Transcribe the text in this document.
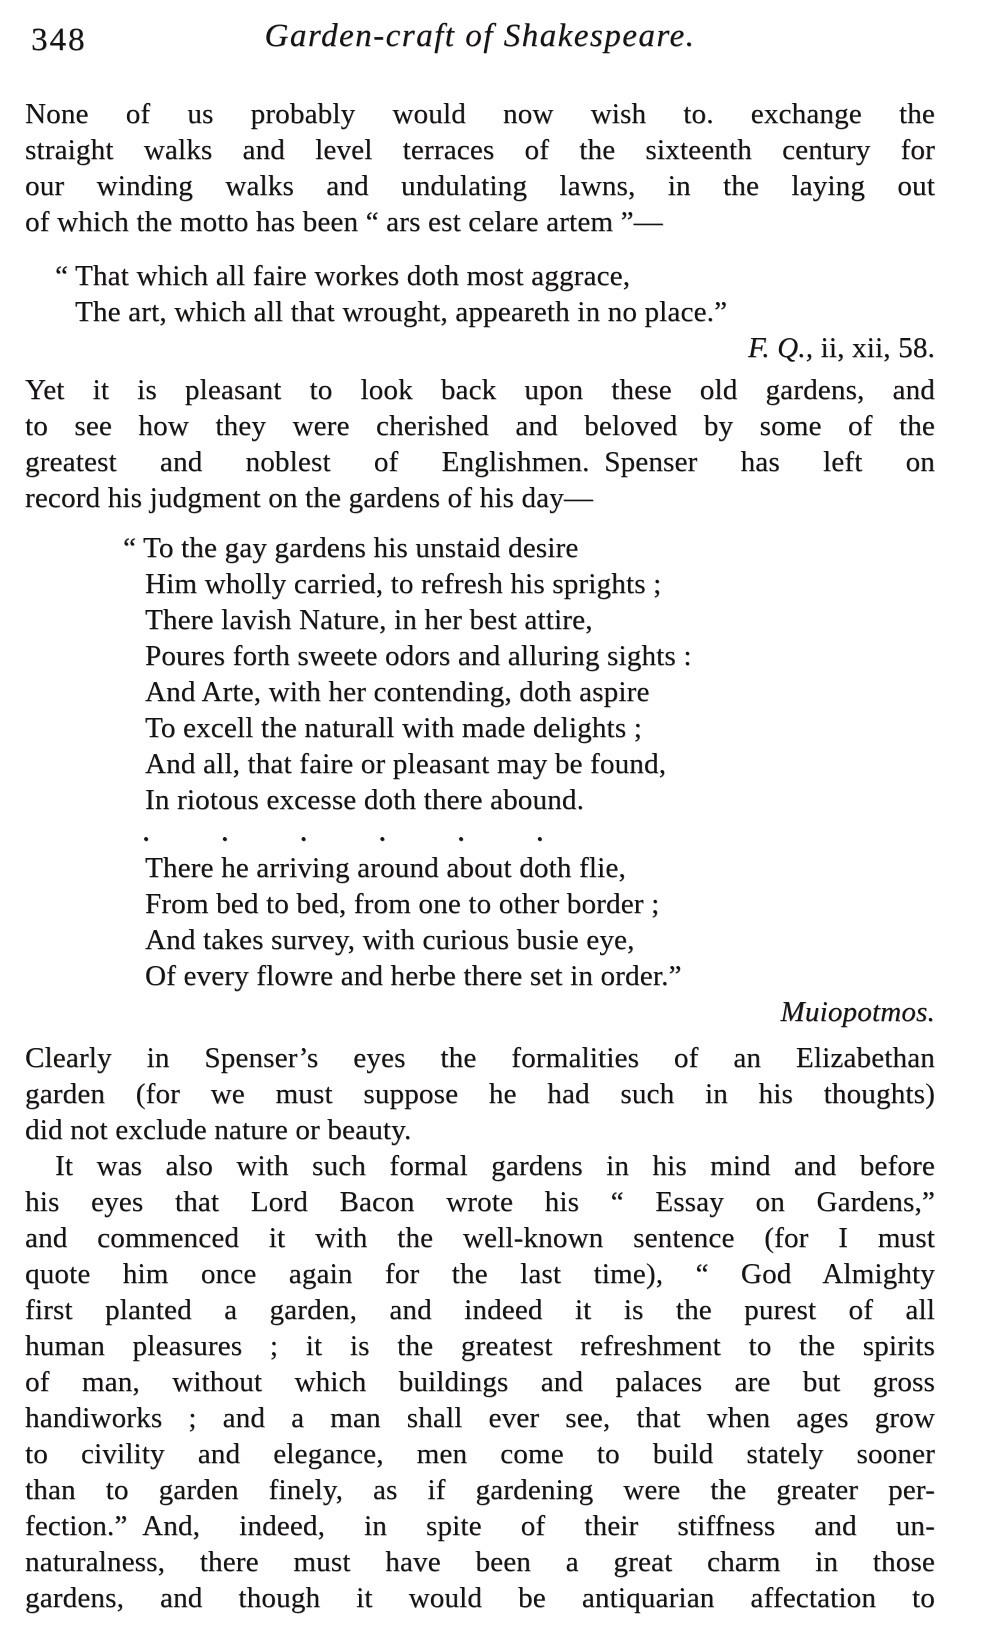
348	Garden-craft of Shakespeare.
None of us probably would now wish to. exchange the
straight walks and level terraces of the sixteenth century for
our winding walks and undulating lawns, in the laying out
of which the motto has been “ ars est celare artem ”—
“ That which all faire workes doth most aggrace,
The art, which all that wrought, appeareth in no place.”
F. Q., ii, xii, 58.
Yet it is pleasant to look back upon these old gardens, and
to see how they were cherished and beloved by some of the
greatest and noblest of Englishmen. Spenser has left on
record his judgment on the gardens of his day—
“ To the gay gardens his unstaid desire
Him wholly carried, to refresh his sprights ;
There lavish Nature, in her best attire,
Poures forth sweete odors and alluring sights :
And Arte, with her contending, doth aspire
To excell the naturall with made delights ;
And all, that faire or pleasant may be found,
In riotous excesse doth there abound.
.	.	.	.	.	.
There he arriving around about doth flie,
From bed to bed, from one to other border ;
And takes survey, with curious busie eye,
Of every flowre and herbe there set in order.”
Muiopotmos.
Clearly in Spenser’s eyes the formalities of an Elizabethan
garden (for we must suppose he had such in his thoughts)
did not exclude nature or beauty.
It was also with such formal gardens in his mind and before
his eyes that Lord Bacon wrote his “ Essay on Gardens,”
and commenced it with the well-known sentence (for I must
quote him once again for the last time), “ God Almighty
first planted a garden, and indeed it is the purest of all
human pleasures ; it is the greatest refreshment to the spirits
of man, without which buildings and palaces are but gross
handiworks ; and a man shall ever see, that when ages grow
to civility and elegance, men come to build stately sooner
than to garden finely, as if gardening were the greater per-
fection.” And, indeed, in spite of their stiffness and un-
naturalness, there must have been a great charm in those
gardens, and though it would be antiquarian affectation to
